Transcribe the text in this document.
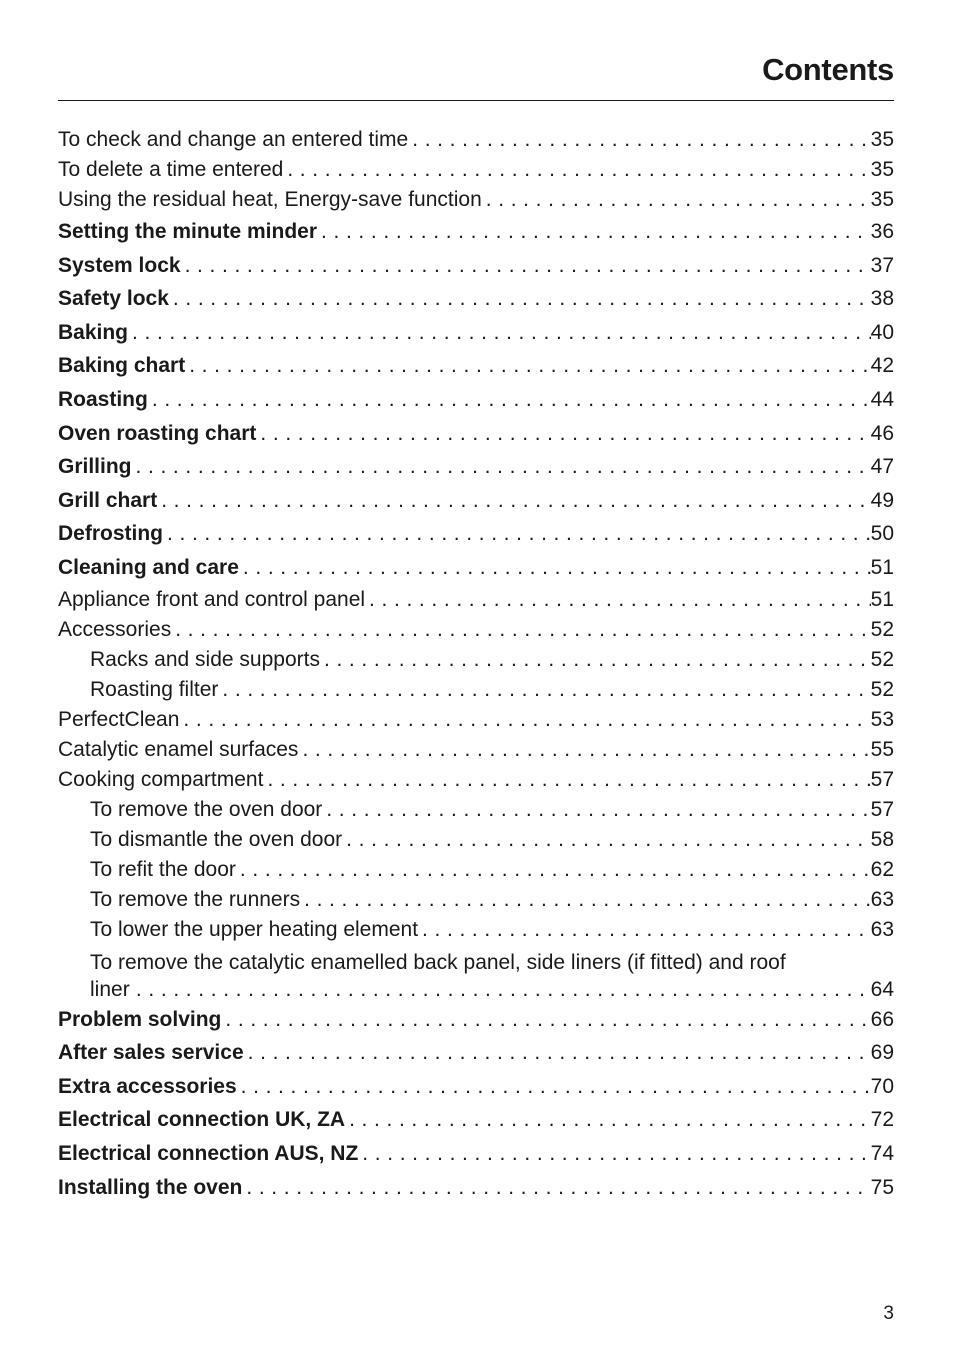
Contents
To check and change an entered time . . .	35
To delete a time entered . . .	35
Using the residual heat, Energy-save function . . .	35
Setting the minute minder . . .	36
System lock . . .	37
Safety lock . . .	38
Baking . . .	40
Baking chart . . .	42
Roasting . . .	44
Oven roasting chart . . .	46
Grilling . . .	47
Grill chart . . .	49
Defrosting . . .	50
Cleaning and care . . .	51
Appliance front and control panel . . .	51
Accessories . . .	52
Racks and side supports . . .	52
Roasting filter . . .	52
PerfectClean . . .	53
Catalytic enamel surfaces . . .	55
Cooking compartment . . .	57
To remove the oven door . . .	57
To dismantle the oven door . . .	58
To refit the door . . .	62
To remove the runners . . .	63
To lower the upper heating element . . .	63
To remove the catalytic enamelled back panel, side liners (if fitted) and roof liner . . .	64
Problem solving . . .	66
After sales service . . .	69
Extra accessories . . .	70
Electrical connection UK, ZA . . .	72
Electrical connection AUS, NZ . . .	74
Installing the oven . . .	75
3
